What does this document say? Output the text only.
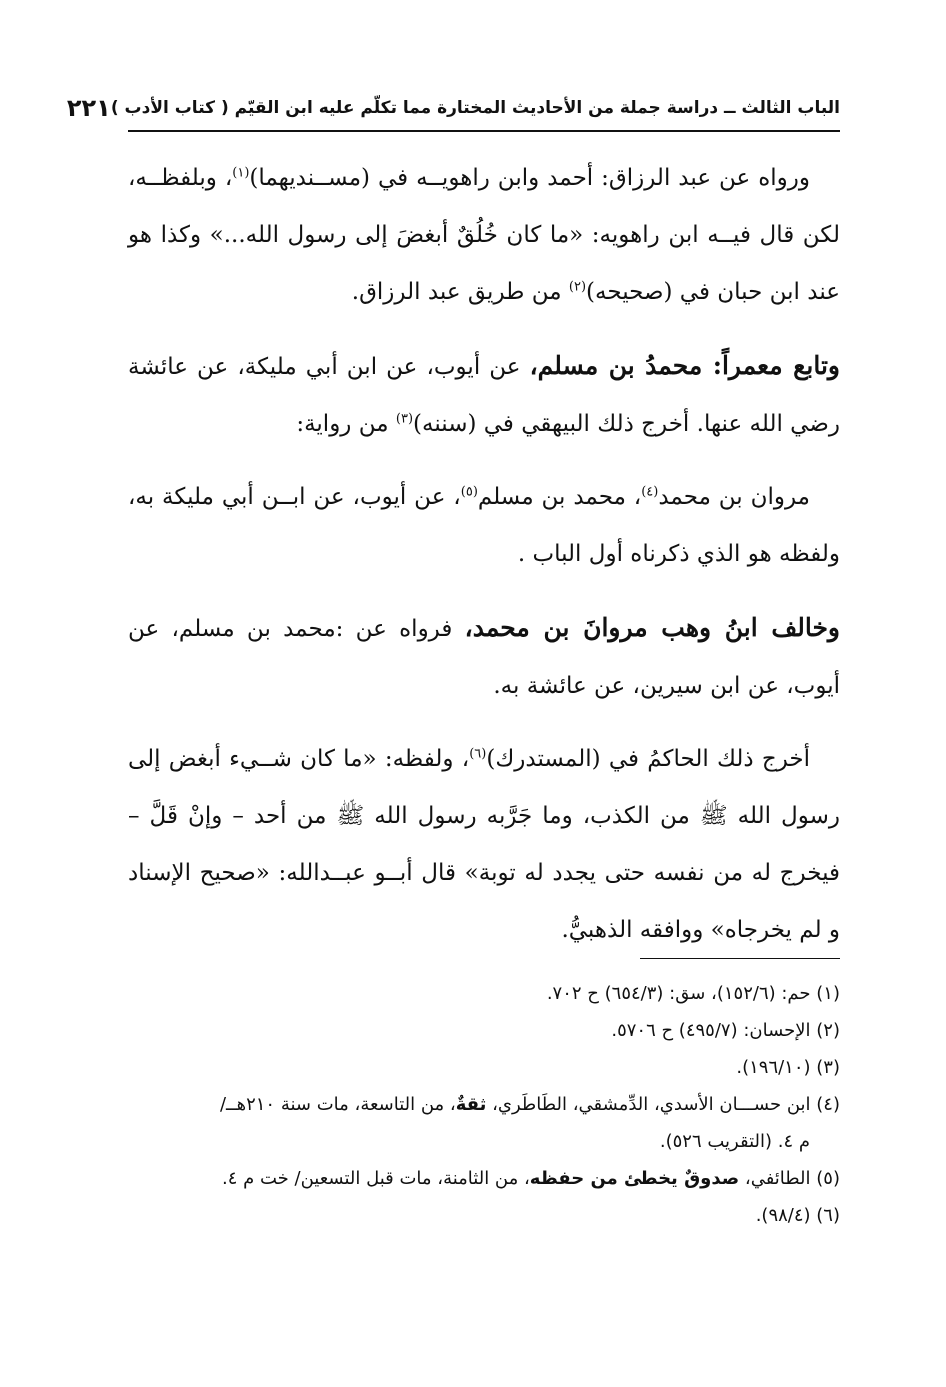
الباب الثالث ــ دراسة جملة من الأحاديث المختارة مما تكلّم عليه ابن القيّم ( كتاب الأدب )
٢٢١

ورواه عن عبد الرزاق: أحمد وابن راهويــه في (مســنديهما)$^{(١)}$، وبلفظــه، لكن قال فيــه ابن راهويه: «ما كان خُلُقٌ أبغضَ إلى رسول الله...» وكذا هو عند ابن حبان في (صحيحه)$^{(٢)}$ من طريق عبد الرزاق.

وتابع معمراً: محمدُ بن مسلم، عن أيوب، عن ابن أبي مليكة، عن عائشة رضي الله عنها. أخرج ذلك البيهقي في (سننه)$^{(٣)}$ من رواية:

مروان بن محمد$^{(٤)}$، محمد بن مسلم$^{(٥)}$، عن أيوب، عن ابــن أبي مليكة به، ولفظه هو الذي ذكرناه أول الباب .

وخالف ابنُ وهب مروانَ بن محمد، فرواه عن :محمد بن مسلم، عن أيوب، عن ابن سيرين، عن عائشة به.

أخرج ذلك الحاكمُ في (المستدرك)$^{(٦)}$، ولفظه: «ما كان شــيء أبغض إلى رسول الله ﷺ من الكذب، وما جَرَّبه رسول الله ﷺ من أحد – وإنْ قَلَّ – فيخرج له من نفسه حتى يجدد له توبة» قال أبــو عبــدالله: «صحيح الإسناد و لم يخرجاه» ووافقه الذهبيُّ.

(١) حم: (١٥٢/٦)، سق: (٦٥٤/٣) ح ٧٠٢.

(٢) الإحسان: (٤٩٥/٧) ح ٥٧٠٦.

(٣) (١٩٦/١٠).

(٤) ابن حســـان الأسدي، الدِّمشقي، الطَاطَري، ثقةٌ، من التاسعة، مات سنة ٢١٠هــ/
م ٤. (التقريب ٥٢٦).

(٥) الطائفي، صدوقٌ يخطئ من حفظه، من الثامنة، مات قبل التسعين/ خت م ٤.

(٦) (٩٨/٤).
